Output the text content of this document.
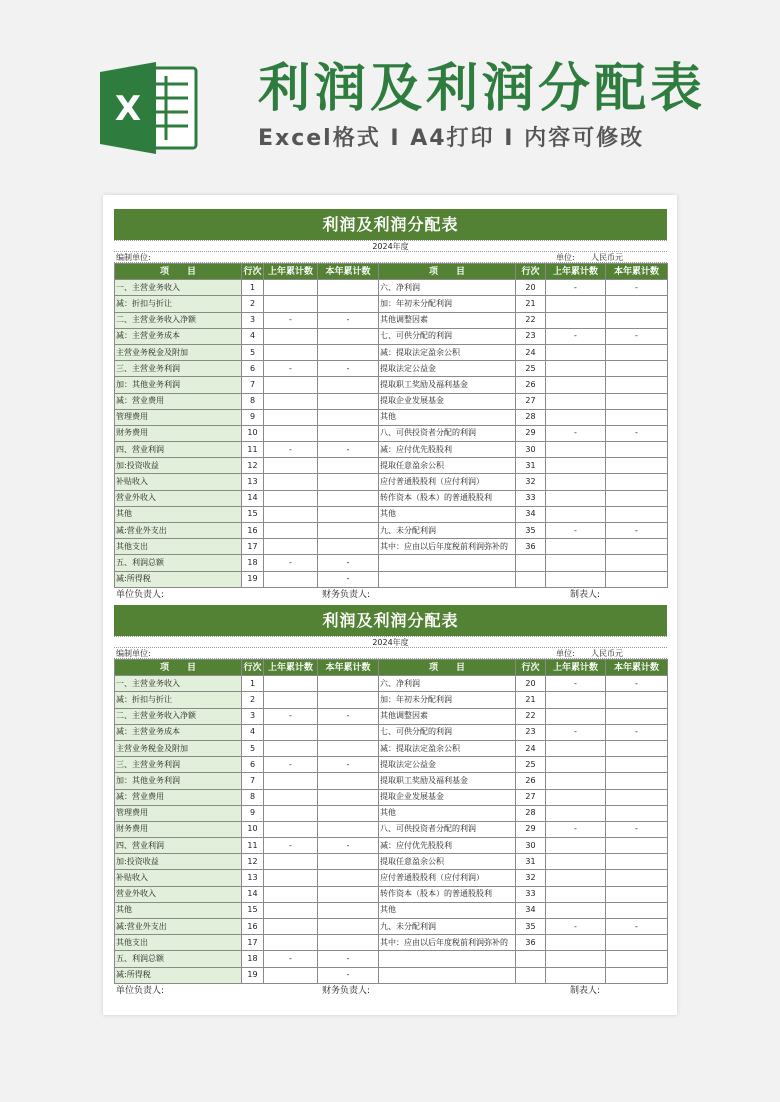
X 利润及利润分配表
Excel格式 I A4打印 I 内容可修改
利润及利润分配表
2024年度
编制单位:	单位: 人民币元
项　　目	行次	上年累计数	本年累计数	项　　目	行次	上年累计数	本年累计数
一、主营业务收入	1			六、净利润	20	-	-
减：折扣与折让	2			加：年初未分配利润	21		
二、主营业务收入净额	3	-	-	其他调整因素	22		
减：主营业务成本	4			七、可供分配的利润	23	-	-
主营业务税金及附加	5			减：提取法定盈余公积	24		
三、主营业务利润	6	-	-	提取法定公益金	25		
加：其他业务利润	7			提取职工奖励及福利基金	26		
减：营业费用	8			提取企业发展基金	27		
管理费用	9			其他	28		
财务费用	10			八、可供投资者分配的利润	29	-	-
四、营业利润	11	-	-	减：应付优先股股利	30		
加:投资收益	12			提取任意盈余公积	31		
补贴收入	13			应付普通股股利（应付利润）	32		
营业外收入	14			转作资本（股本）的普通股股利	33		
其他	15			其他	34		
减:营业外支出	16			九、未分配利润	35	-	-
其他支出	17			其中：应由以后年度税前利润弥补的	36		
五、利润总额	18	-	-				
减:所得税	19		-				
单位负责人:	财务负责人:	制表人:
利润及利润分配表
2024年度
编制单位:	单位: 人民币元
项　　目	行次	上年累计数	本年累计数	项　　目	行次	上年累计数	本年累计数
一、主营业务收入	1			六、净利润	20	-	-
减：折扣与折让	2			加：年初未分配利润	21		
二、主营业务收入净额	3	-	-	其他调整因素	22		
减：主营业务成本	4			七、可供分配的利润	23	-	-
主营业务税金及附加	5			减：提取法定盈余公积	24		
三、主营业务利润	6	-	-	提取法定公益金	25		
加：其他业务利润	7			提取职工奖励及福利基金	26		
减：营业费用	8			提取企业发展基金	27		
管理费用	9			其他	28		
财务费用	10			八、可供投资者分配的利润	29	-	-
四、营业利润	11	-	-	减：应付优先股股利	30		
加:投资收益	12			提取任意盈余公积	31		
补贴收入	13			应付普通股股利（应付利润）	32		
营业外收入	14			转作资本（股本）的普通股股利	33		
其他	15			其他	34		
减:营业外支出	16			九、未分配利润	35	-	-
其他支出	17			其中：应由以后年度税前利润弥补的	36		
五、利润总额	18	-	-				
减:所得税	19		-				
单位负责人:	财务负责人:	制表人:
